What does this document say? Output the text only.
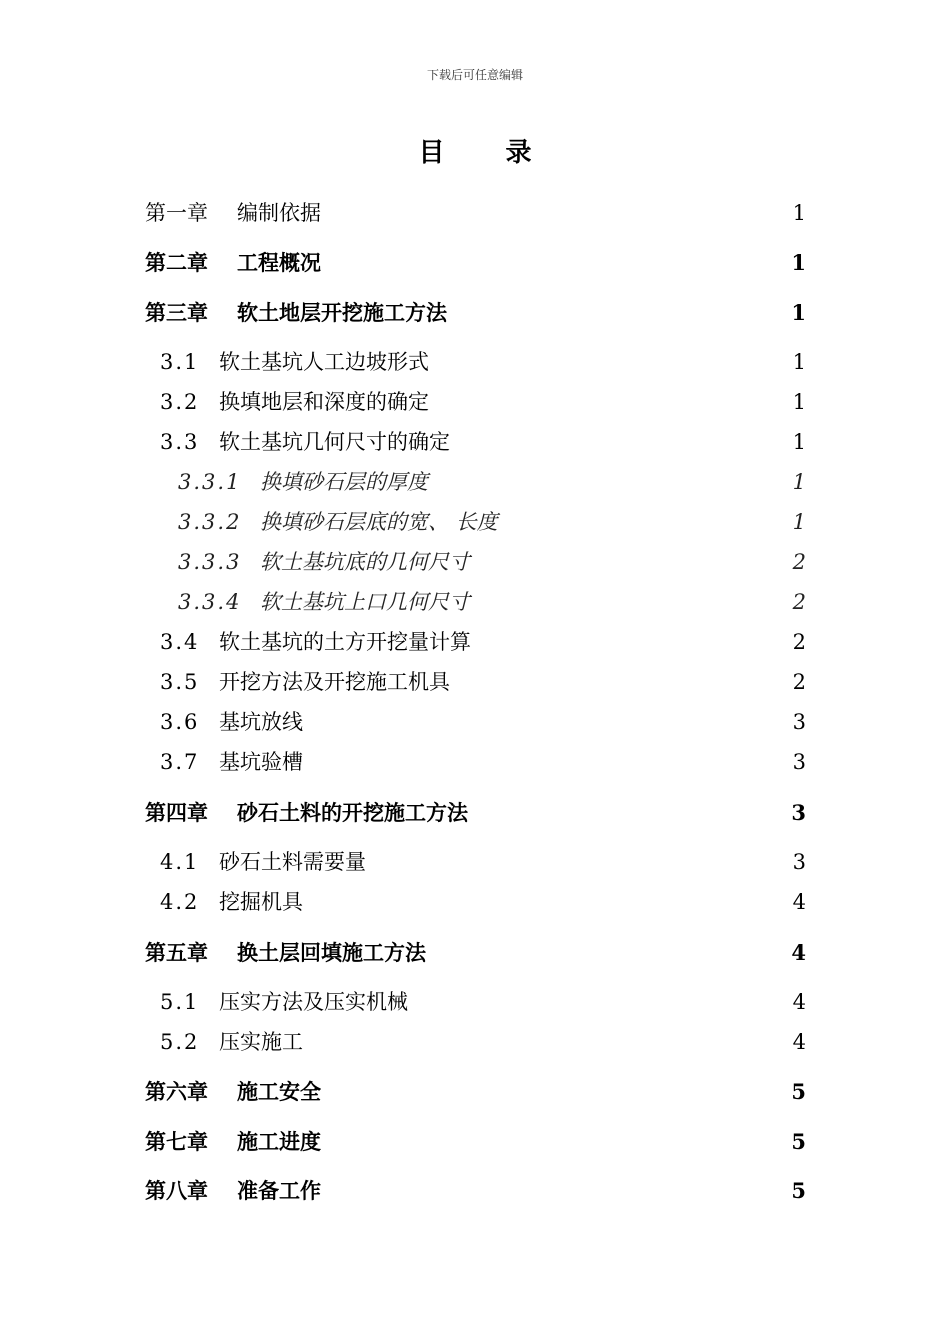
下载后可任意编辑
目 录
第一章 编制依据	1
第二章 工程概况	1
第三章 软土地层开挖施工方法	1
3.1 软土基坑人工边坡形式	1
3.2 换填地层和深度的确定	1
3.3 软土基坑几何尺寸的确定	1
3.3.1 换填砂石层的厚度	1
3.3.2 换填砂石层底的宽、 长度	1
3.3.3 软土基坑底的几何尺寸	2
3.3.4 软土基坑上口几何尺寸	2
3.4 软土基坑的土方开挖量计算	2
3.5 开挖方法及开挖施工机具	2
3.6 基坑放线	3
3.7 基坑验槽	3
第四章 砂石土料的开挖施工方法	3
4.1 砂石土料需要量	3
4.2 挖掘机具	4
第五章 换土层回填施工方法	4
5.1 压实方法及压实机械	4
5.2 压实施工	4
第六章 施工安全	5
第七章 施工进度	5
第八章 准备工作	5
